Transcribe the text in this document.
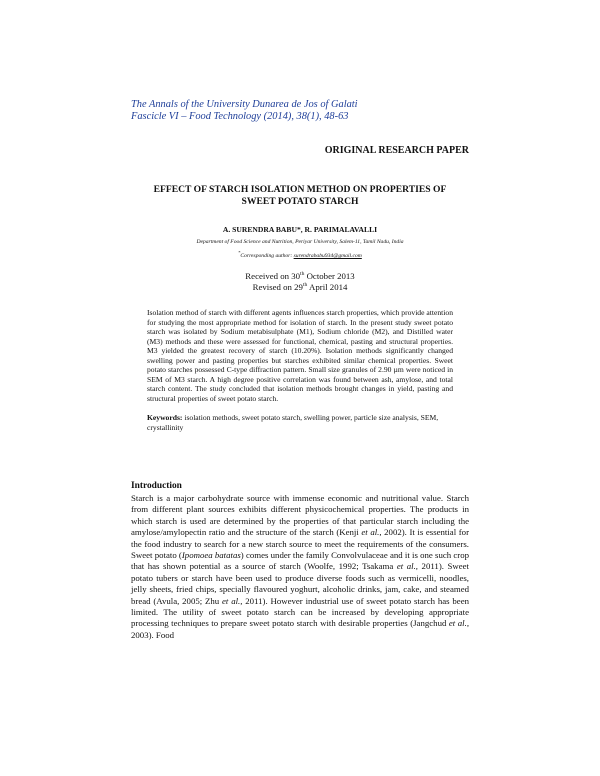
The Annals of the University Dunarea de Jos of Galati
Fascicle VI – Food Technology (2014), 38(1), 48-63
ORIGINAL RESEARCH PAPER
EFFECT OF STARCH ISOLATION METHOD ON PROPERTIES OF
SWEET POTATO STARCH
A. SURENDRA BABU*, R. PARIMALAVALLI
Department of Food Science and Nutrition, Periyar University, Salem-11, Tamil Nadu, India
*Corresponding author: surendrababu934@gmail.com
Received on 30th October 2013
Revised on 29th April 2014
Isolation method of starch with different agents influences starch properties, which provide attention for studying the most appropriate method for isolation of starch. In the present study sweet potato starch was isolated by Sodium metabisulphate (M1), Sodium chloride (M2), and Distilled water (M3) methods and these were assessed for functional, chemical, pasting and structural properties. M3 yielded the greatest recovery of starch (10.20%). Isolation methods significantly changed swelling power and pasting properties but starches exhibited similar chemical properties. Sweet potato starches possessed C-type diffraction pattern. Small size granules of 2.90 µm were noticed in SEM of M3 starch. A high degree positive correlation was found between ash, amylose, and total starch content. The study concluded that isolation methods brought changes in yield, pasting and structural properties of sweet potato starch.
Keywords: isolation methods, sweet potato starch, swelling power, particle size analysis, SEM, crystallinity
Introduction
Starch is a major carbohydrate source with immense economic and nutritional value. Starch from different plant sources exhibits different physicochemical properties. The products in which starch is used are determined by the properties of that particular starch including the amylose/amylopectin ratio and the structure of the starch (Kenji et al., 2002). It is essential for the food industry to search for a new starch source to meet the requirements of the consumers. Sweet potato (Ipomoea batatas) comes under the family Convolvulaceae and it is one such crop that has shown potential as a source of starch (Woolfe, 1992; Tsakama et al., 2011). Sweet potato tubers or starch have been used to produce diverse foods such as vermicelli, noodles, jelly sheets, fried chips, specially flavoured yoghurt, alcoholic drinks, jam, cake, and steamed bread (Avula, 2005; Zhu et al., 2011). However industrial use of sweet potato starch has been limited. The utility of sweet potato starch can be increased by developing appropriate processing techniques to prepare sweet potato starch with desirable properties (Jangchud et al., 2003). Food
